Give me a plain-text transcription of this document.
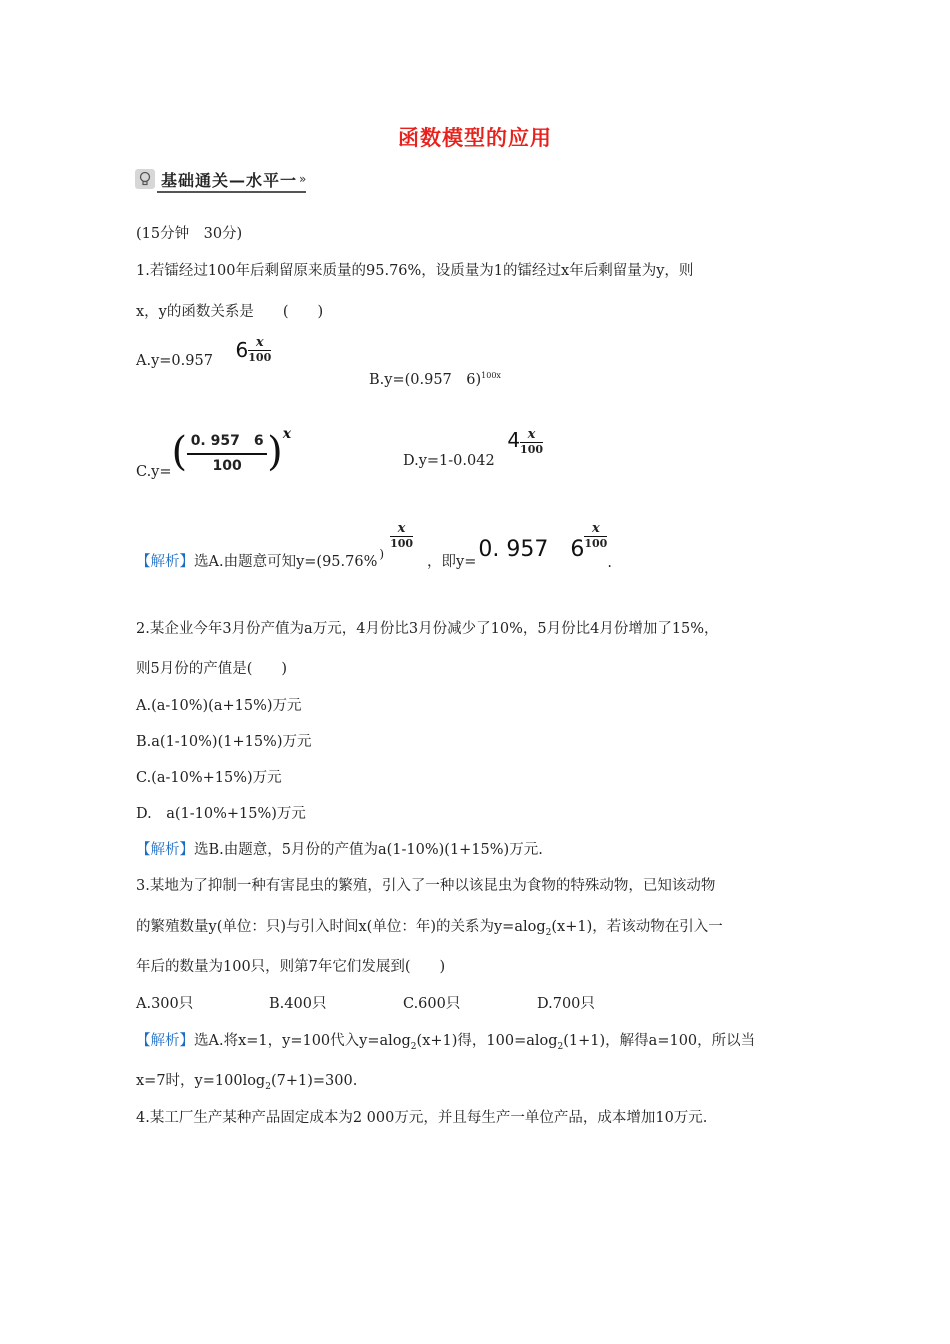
函数模型的应用
基础通关—水平一 »
(15分钟　30分)
1.若镭经过100年后剩留原来质量的95.76%，设质量为1的镭经过x年后剩留量为y，则
x，y的函数关系是　　(　　)
A.y=0.957 $6 \frac{x}{100}$
B.y=(0.957　6)$^{100x}$
C.y= ( 0. 957　6
100 ) x
D.y=1-0.042 $4 \frac{x}{100}$
【解析】 选A.由题意可知y=(95.76% )
$\frac{x}{100}$
，即y= 0. 957　6
$\frac{x}{100}$
.
2.某企业今年3月份产值为a万元，4月份比3月份减少了10%，5月份比4月份增加了15%，
则5月份的产值是(　　)
A.(a-10%)(a+15%)万元
B.a(1-10%)(1+15%)万元
C.(a-10%+15%)万元
D.　a(1-10%+15%)万元
【解析】选B.由题意，5月份的产值为a(1-10%)(1+15%)万元.
3.某地为了抑制一种有害昆虫的繁殖，引入了一种以该昆虫为食物的特殊动物，已知该动物
的繁殖数量y(单位：只)与引入时间x(单位：年)的关系为y=alog$_2$(x+1)，若该动物在引入一
年后的数量为100只，则第7年它们发展到(　　)
A.300只	B.400只	C.600只	D.700只
【解析】选A.将x=1，y=100代入y=alog$_2$(x+1)得，100=alog$_2$(1+1)，解得a=100，所以当
x=7时，$y=100\log_2(7+1)=300$.
4.某工厂生产某种产品固定成本为2 000万元，并且每生产一单位产品，成本增加10万元.
